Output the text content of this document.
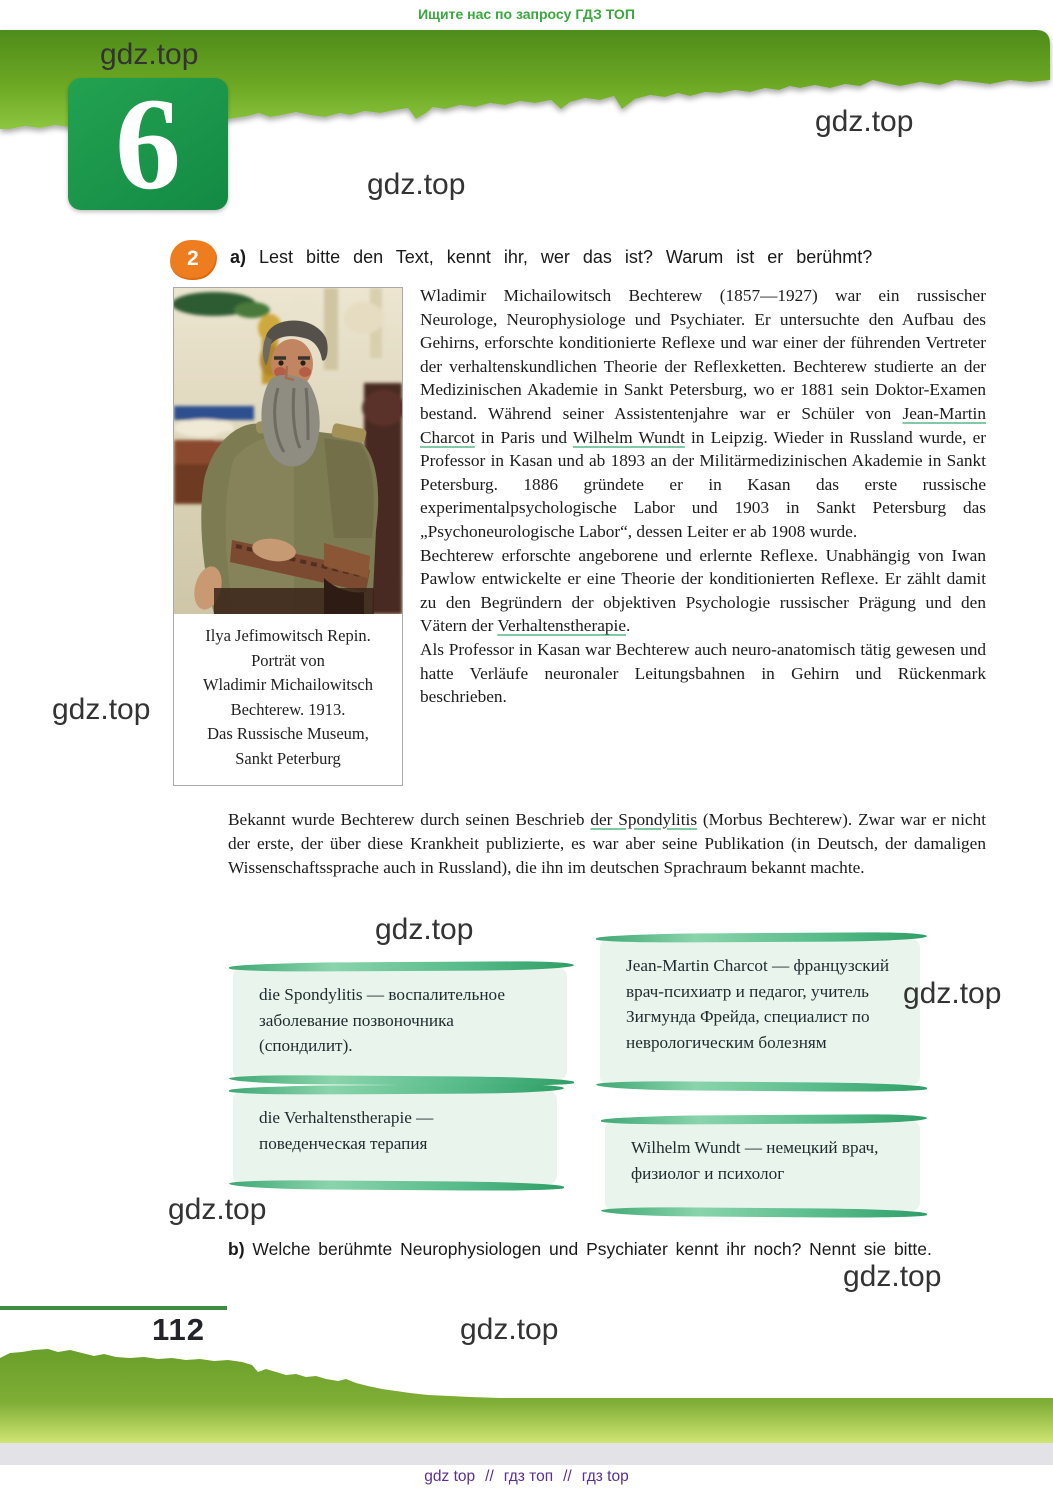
Ищите нас по запросу ГДЗ ТОП
6
gdz.top
gdz.top
gdz.top
gdz.top
gdz.top
gdz.top
gdz.top
gdz.top
gdz.top
2 a) Lest bitte den Text, kennt ihr, wer das ist? Warum ist er berühmt?
Ilya Jefimowitsch Repin.
Porträt von
Wladimir Michailowitsch
Bechterew. 1913.
Das Russische Museum,
Sankt Peterburg

Wladimir Michailowitsch Bechterew (1857—1927) war ein russischer Neurologe, Neurophysiologe und Psychiater. Er untersuchte den Aufbau des Gehirns, erforschte konditionierte Reflexe und war einer der führenden Vertreter der verhaltenskundlichen Theorie der Reflexketten. Bechterew studierte an der Medizinischen Akademie in Sankt Petersburg, wo er 1881 sein Doktor-Examen bestand. Während seiner Assistentenjahre war er Schüler von Jean-Martin Charcot in Paris und Wilhelm Wundt in Leipzig. Wieder in Russland wurde, er Professor in Kasan und ab 1893 an der Militärmedizinischen Akademie in Sankt Petersburg. 1886 gründete er in Kasan das erste russische experimentalpsychologische Labor und 1903 in Sankt Petersburg das „Psychoneurologische Labor“, dessen Leiter er ab 1908 wurde.

Bechterew erforschte angeborene und erlernte Reflexe. Unabhängig von Iwan Pawlow entwickelte er eine Theorie der konditionierten Reflexe. Er zählt damit zu den Begründern der objektiven Psychologie russischer Prägung und den Vätern der Verhaltenstherapie.

Als Professor in Kasan war Bechterew auch neuro-anatomisch tätig gewesen und hatte Verläufe neuronaler Leitungsbahnen in Gehirn und Rückenmark beschrieben.

Bekannt wurde Bechterew durch seinen Beschrieb der Spondylitis (Morbus Bechterew). Zwar war er nicht der erste, der über diese Krankheit publizierte, es war aber seine Publikation (in Deutsch, der damaligen Wissenschaftssprache auch in Russland), die ihn im deutschen Sprachraum bekannt machte.
die Spondylitis — воспалительное заболевание позвоночника (спондилит).
die Verhaltenstherapie — поведенческая терапия
Jean-Martin Charcot — французский врач-психиатр и педагог, учитель Зигмунда Фрейда, специалист по неврологическим болезням
Wilhelm Wundt — немецкий врач, физиолог и психолог
b) Welche berühmte Neurophysiologen und Psychiater kennt ihr noch? Nennt sie bitte.
112
gdz top // гдз топ // гдз top
